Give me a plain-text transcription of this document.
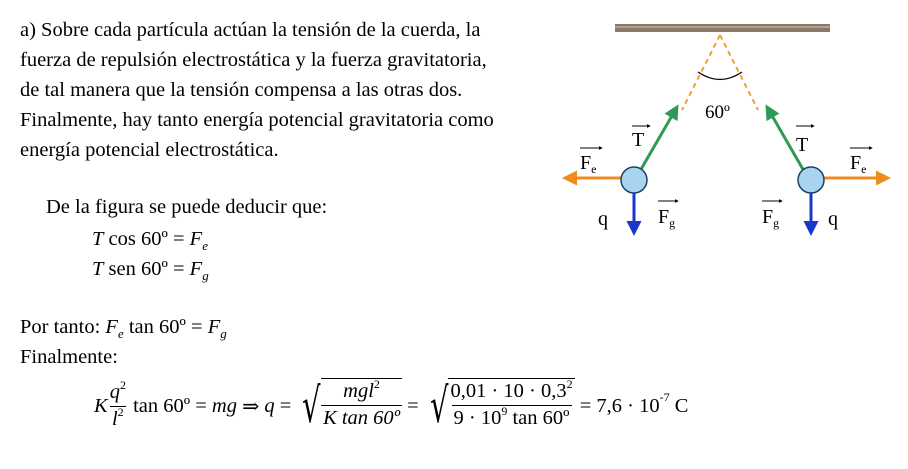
a) Sobre cada partícula actúan la tensión de la cuerda, la
fuerza de repulsión electrostática y la fuerza gravitatoria,
de tal manera que la tensión compensa a las otras dos.
Finalmente, hay tanto energía potencial gravitatoria como
energía potencial electrostática.
De la figura se puede deducir que:
T cos 60º = $F_e$
T sen 60º = $F_g$
Por tanto: $F_e$ tan 60º = $F_g$
Finalmente:
K $\frac{q^2}{l^2}$ tan 60º = mg ⇒ q = √ $\frac{mgl^2}{\text{K tan 60º}}$ = √ $\frac{0,01 \cdot 10 \cdot 0,3^2}{9 \cdot 10^9 \tan 60º} = 7,6 \cdot 10$ -7 C
60º
T	T
$F_e$	$F_e$
$F_g$	$F_g$
q	q
